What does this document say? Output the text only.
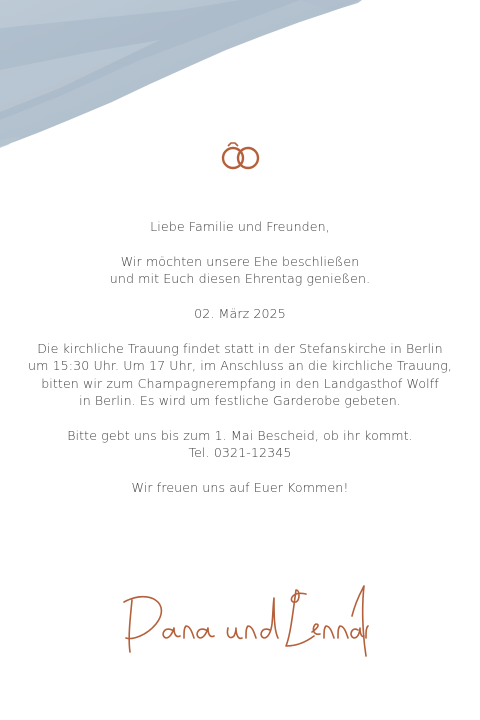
Liebe Familie und Freunden,

Wir möchten unsere Ehe beschließen
und mit Euch diesen Ehrentag genießen.

02. März 2025

Die kirchliche Trauung findet statt in der Stefanskirche in Berlin
um 15:30 Uhr. Um 17 Uhr, im Anschluss an die kirchliche Trauung,
bitten wir zum Champagnerempfang in den Landgasthof Wolff
in Berlin. Es wird um festliche Garderobe gebeten.

Bitte gebt uns bis zum 1. Mai Bescheid, ob ihr kommt.
Tel. 0321-12345

Wir freuen uns auf Euer Kommen!
